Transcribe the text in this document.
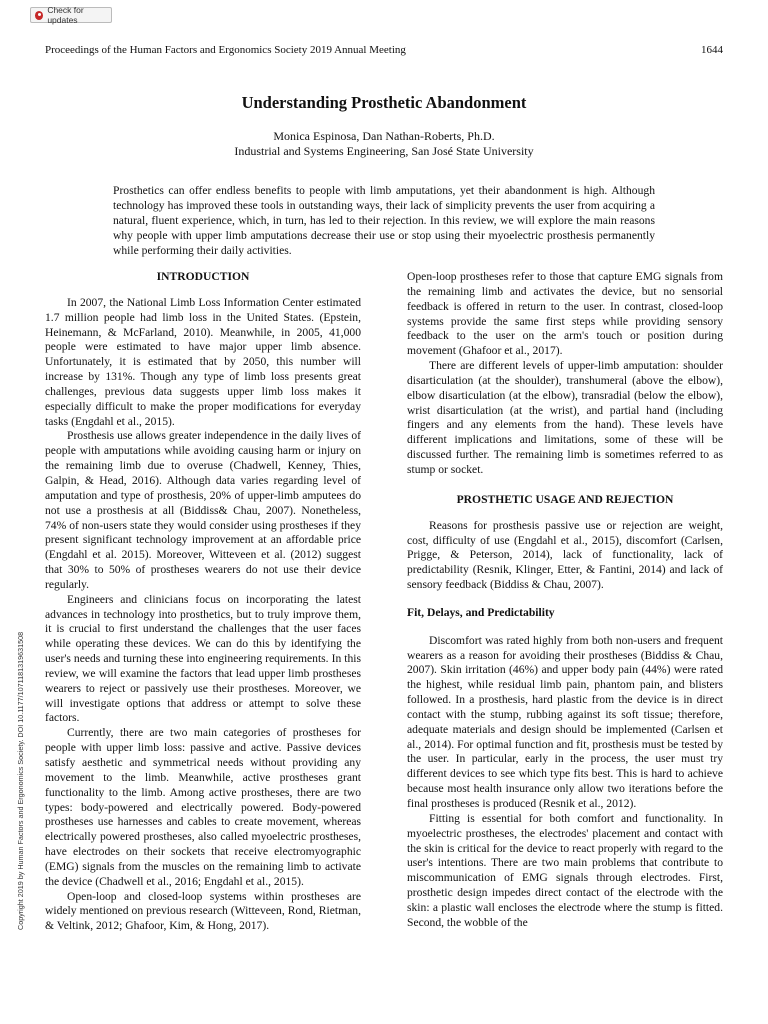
Check for updates
Proceedings of the Human Factors and Ergonomics Society 2019 Annual Meeting	1644
Understanding Prosthetic Abandonment
Monica Espinosa, Dan Nathan-Roberts, Ph.D.
Industrial and Systems Engineering, San José State University
Prosthetics can offer endless benefits to people with limb amputations, yet their abandonment is high. Although technology has improved these tools in outstanding ways, their lack of simplicity prevents the user from acquiring a natural, fluent experience, which, in turn, has led to their rejection. In this review, we will explore the main reasons why people with upper limb amputations decrease their use or stop using their myoelectric prosthesis permanently while performing their daily activities.
INTRODUCTION

In 2007, the National Limb Loss Information Center estimated 1.7 million people had limb loss in the United States. (Epstein, Heinemann, & McFarland, 2010). Meanwhile, in 2005, 41,000 people were estimated to have major upper limb absence. Unfortunately, it is estimated that by 2050, this number will increase by 131%. Though any type of limb loss presents great challenges, previous data suggests upper limb loss makes it especially difficult to make the proper modifications for everyday tasks (Engdahl et al., 2015).

Prosthesis use allows greater independence in the daily lives of people with amputations while avoiding causing harm or injury on the remaining limb due to overuse (Chadwell, Kenney, Thies, Galpin, & Head, 2016). Although data varies regarding level of amputation and type of prosthesis, 20% of upper-limb amputees do not use a prosthesis at all (Biddiss& Chau, 2007). Nonetheless, 74% of non-users state they would consider using prostheses if they present significant technology improvement at an affordable price (Engdahl et al. 2015). Moreover, Witteveen et al. (2012) suggest that 30% to 50% of prostheses wearers do not use their device regularly.

Engineers and clinicians focus on incorporating the latest advances in technology into prosthetics, but to truly improve them, it is crucial to first understand the challenges that the user faces while operating these devices. We can do this by identifying the user's needs and turning these into engineering requirements. In this review, we will examine the factors that lead upper limb prostheses wearers to reject or passively use their prostheses. Moreover, we will investigate options that address or attempt to solve these factors.

Currently, there are two main categories of prostheses for people with upper limb loss: passive and active. Passive devices satisfy aesthetic and symmetrical needs without providing any movement to the limb. Meanwhile, active prostheses grant functionality to the limb. Among active prostheses, there are two types: body-powered and electrically powered. Body-powered prostheses use harnesses and cables to create movement, whereas electrically powered prostheses, also called myoelectric prostheses, have electrodes on their sockets that receive electromyographic (EMG) signals from the muscles on the remaining limb to activate the device (Chadwell et al., 2016; Engdahl et al., 2015).

Open-loop and closed-loop systems within prostheses are widely mentioned on previous research (Witteveen, Rond, Rietman, & Veltink, 2012; Ghafoor, Kim, & Hong, 2017).

Open-loop prostheses refer to those that capture EMG signals from the remaining limb and activates the device, but no sensorial feedback is offered in return to the user. In contrast, closed-loop systems provide the same first steps while providing sensory feedback to the user on the arm's touch or position during movement (Ghafoor et al., 2017).

There are different levels of upper-limb amputation: shoulder disarticulation (at the shoulder), transhumeral (above the elbow), elbow disarticulation (at the elbow), transradial (below the elbow), wrist disarticulation (at the wrist), and partial hand (including fingers and any elements from the hand). These levels have different implications and limitations, some of these will be discussed further. The remaining limb is sometimes referred to as stump or socket.

PROSTHETIC USAGE AND REJECTION

Reasons for prosthesis passive use or rejection are weight, cost, difficulty of use (Engdahl et al., 2015), discomfort (Carlsen, Prigge, & Peterson, 2014), lack of functionality, lack of predictability (Resnik, Klinger, Etter, & Fantini, 2014) and lack of sensory feedback (Biddiss & Chau, 2007).

Fit, Delays, and Predictability

Discomfort was rated highly from both non-users and frequent wearers as a reason for avoiding their prostheses (Biddiss & Chau, 2007). Skin irritation (46%) and upper body pain (44%) were rated the highest, while residual limb pain, phantom pain, and blisters followed. In a prosthesis, hard plastic from the device is in direct contact with the stump, rubbing against its soft tissue; therefore, adequate materials and design should be implemented (Carlsen et al., 2014). For optimal function and fit, prosthesis must be tested by the user. In particular, early in the process, the user must try different devices to see which type fits best. This is hard to achieve because most health insurance only allow two iterations before the final prostheses is produced (Resnik et al., 2012).

Fitting is essential for both comfort and functionality. In myoelectric prostheses, the electrodes' placement and contact with the skin is critical for the device to react properly with regard to the user's intentions. There are two main problems that contribute to miscommunication of EMG signals through electrodes. First, prosthetic design impedes direct contact of the electrode with the skin: a plastic wall encloses the electrode where the stump is fitted. Second, the wobble of the

Copyright 2019 by Human Factors and Ergonomics Society. DOI 10.1177/1071181319631508
